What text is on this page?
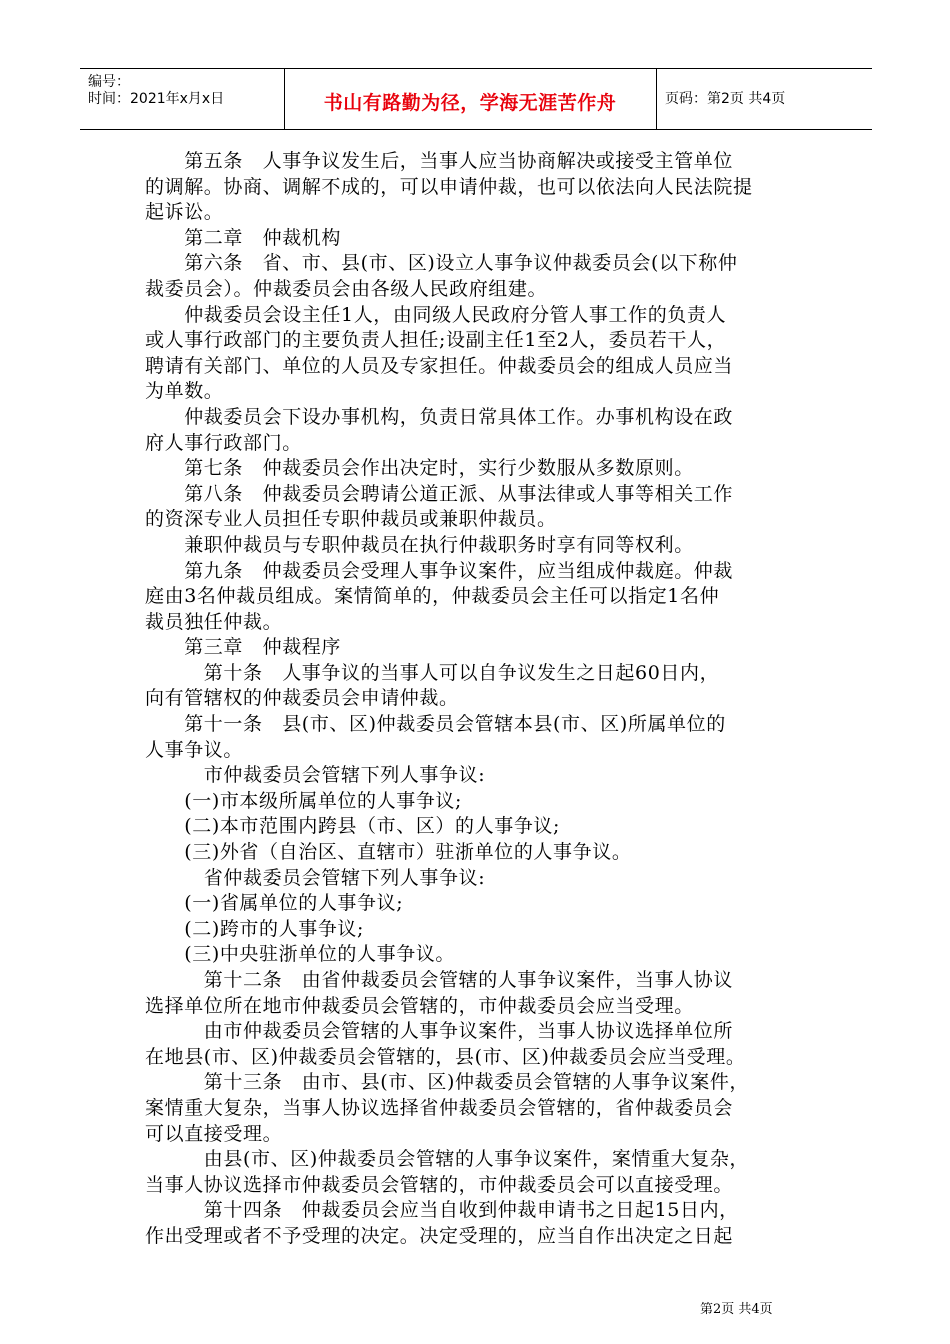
编号：
时间：2021年x月x日	书山有路勤为径，学海无涯苦作舟	页码：第2页 共4页
　　第五条　人事争议发生后，当事人应当协商解决或接受主管单位
的调解。协商、调解不成的，可以申请仲裁，也可以依法向人民法院提
起诉讼。
　　第二章　仲裁机构
　　第六条　省、市、县(市、区)设立人事争议仲裁委员会(以下称仲
裁委员会）。仲裁委员会由各级人民政府组建。
　　仲裁委员会设主任1人，由同级人民政府分管人事工作的负责人
或人事行政部门的主要负责人担任;设副主任1至2人，委员若干人，
聘请有关部门、单位的人员及专家担任。仲裁委员会的组成人员应当
为单数。
　　仲裁委员会下设办事机构，负责日常具体工作。办事机构设在政
府人事行政部门。
　　第七条　仲裁委员会作出决定时，实行少数服从多数原则。
　　第八条　仲裁委员会聘请公道正派、从事法律或人事等相关工作
的资深专业人员担任专职仲裁员或兼职仲裁员。
　　兼职仲裁员与专职仲裁员在执行仲裁职务时享有同等权利。
　　第九条　仲裁委员会受理人事争议案件，应当组成仲裁庭。仲裁
庭由3名仲裁员组成。案情简单的，仲裁委员会主任可以指定1名仲
裁员独任仲裁。
　　第三章　仲裁程序
　　　第十条　人事争议的当事人可以自争议发生之日起60日内，
向有管辖权的仲裁委员会申请仲裁。
　　第十一条　县(市、区)仲裁委员会管辖本县(市、区)所属单位的
人事争议。
　　　市仲裁委员会管辖下列人事争议:
　　(一)市本级所属单位的人事争议;
　　(二)本市范围内跨县（市、区）的人事争议;
　　(三)外省（自治区、直辖市）驻浙单位的人事争议。
　　　省仲裁委员会管辖下列人事争议:
　　(一)省属单位的人事争议;
　　(二)跨市的人事争议;
　　(三)中央驻浙单位的人事争议。
　　　第十二条　由省仲裁委员会管辖的人事争议案件，当事人协议
选择单位所在地市仲裁委员会管辖的，市仲裁委员会应当受理。
　　　由市仲裁委员会管辖的人事争议案件，当事人协议选择单位所
在地县(市、区)仲裁委员会管辖的，县(市、区)仲裁委员会应当受理。
　　　第十三条　由市、县(市、区)仲裁委员会管辖的人事争议案件，
案情重大复杂，当事人协议选择省仲裁委员会管辖的，省仲裁委员会
可以直接受理。
　　　由县(市、区)仲裁委员会管辖的人事争议案件，案情重大复杂，
当事人协议选择市仲裁委员会管辖的，市仲裁委员会可以直接受理。
　　　第十四条　仲裁委员会应当自收到仲裁申请书之日起15日内，
作出受理或者不予受理的决定。决定受理的，应当自作出决定之日起
第2页 共4页
